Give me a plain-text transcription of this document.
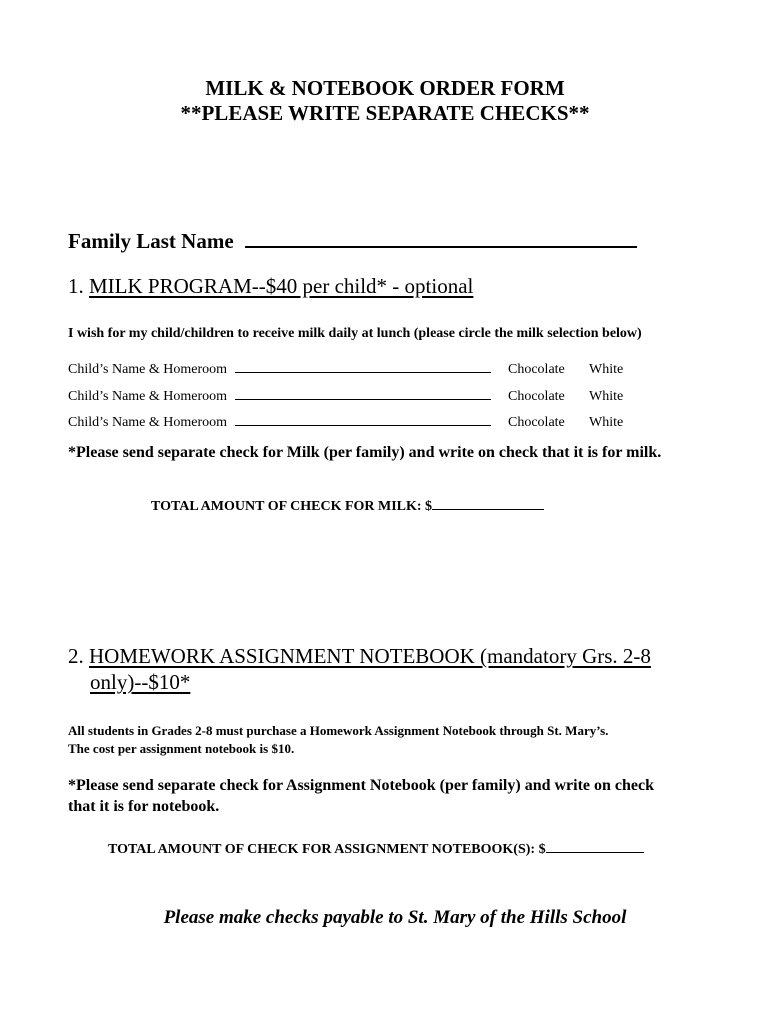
MILK & NOTEBOOK ORDER FORM
**PLEASE WRITE SEPARATE CHECKS**
Family Last Name
1. MILK PROGRAM--$40 per child* - optional
I wish for my child/children to receive milk daily at lunch (please circle the milk selection below)
Child’s Name & Homeroom	Chocolate White
Child’s Name & Homeroom	Chocolate White
Child’s Name & Homeroom	Chocolate White
*Please send separate check for Milk (per family) and write on check that it is for milk.
TOTAL AMOUNT OF CHECK FOR MILK: $
2. HOMEWORK ASSIGNMENT NOTEBOOK (mandatory Grs. 2-8
only)--$10*
All students in Grades 2-8 must purchase a Homework Assignment Notebook through St. Mary’s.
The cost per assignment notebook is $10.
*Please send separate check for Assignment Notebook (per family) and write on check
that it is for notebook.
TOTAL AMOUNT OF CHECK FOR ASSIGNMENT NOTEBOOK(S): $
Please make checks payable to St. Mary of the Hills School
